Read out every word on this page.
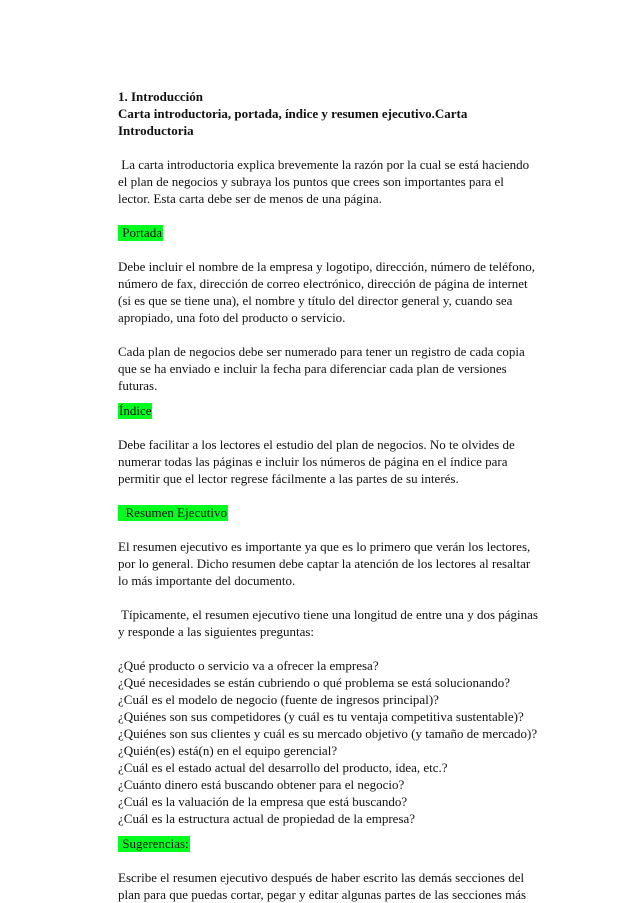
1. Introducción
Carta introductoria, portada, índice y resumen ejecutivo.Carta
Introductoria
La carta introductoria explica brevemente la razón por la cual se está haciendo
el plan de negocios y subraya los puntos que crees son importantes para el
lector. Esta carta debe ser de menos de una página.
Portada
Debe incluir el nombre de la empresa y logotipo, dirección, número de teléfono,
número de fax, dirección de correo electrónico, dirección de página de internet
(si es que se tiene una), el nombre y título del director general y, cuando sea
apropiado, una foto del producto o servicio.
Cada plan de negocios debe ser numerado para tener un registro de cada copia
que se ha enviado e incluir la fecha para diferenciar cada plan de versiones
futuras.
Índice
Debe facilitar a los lectores el estudio del plan de negocios. No te olvides de
numerar todas las páginas e incluir los números de página en el índice para
permitir que el lector regrese fácilmente a las partes de su interés.
Resumen Ejecutivo
El resumen ejecutivo es importante ya que es lo primero que verán los lectores,
por lo general. Dicho resumen debe captar la atención de los lectores al resaltar
lo más importante del documento.
Típicamente, el resumen ejecutivo tiene una longitud de entre una y dos páginas
y responde a las siguientes preguntas:
¿Qué producto o servicio va a ofrecer la empresa?
¿Qué necesidades se están cubriendo o qué problema se está solucionando?
¿Cuál es el modelo de negocio (fuente de ingresos principal)?
¿Quiénes son sus competidores (y cuál es tu ventaja competitiva sustentable)?
¿Quiénes son sus clientes y cuál es su mercado objetivo (y tamaño de mercado)?
¿Quién(es) está(n) en el equipo gerencial?
¿Cuál es el estado actual del desarrollo del producto, idea, etc.?
¿Cuánto dinero está buscando obtener para el negocio?
¿Cuál es la valuación de la empresa que está buscando?
¿Cuál es la estructura actual de propiedad de la empresa?
Sugerencias:
Escribe el resumen ejecutivo después de haber escrito las demás secciones del
plan para que puedas cortar, pegar y editar algunas partes de las secciones más
